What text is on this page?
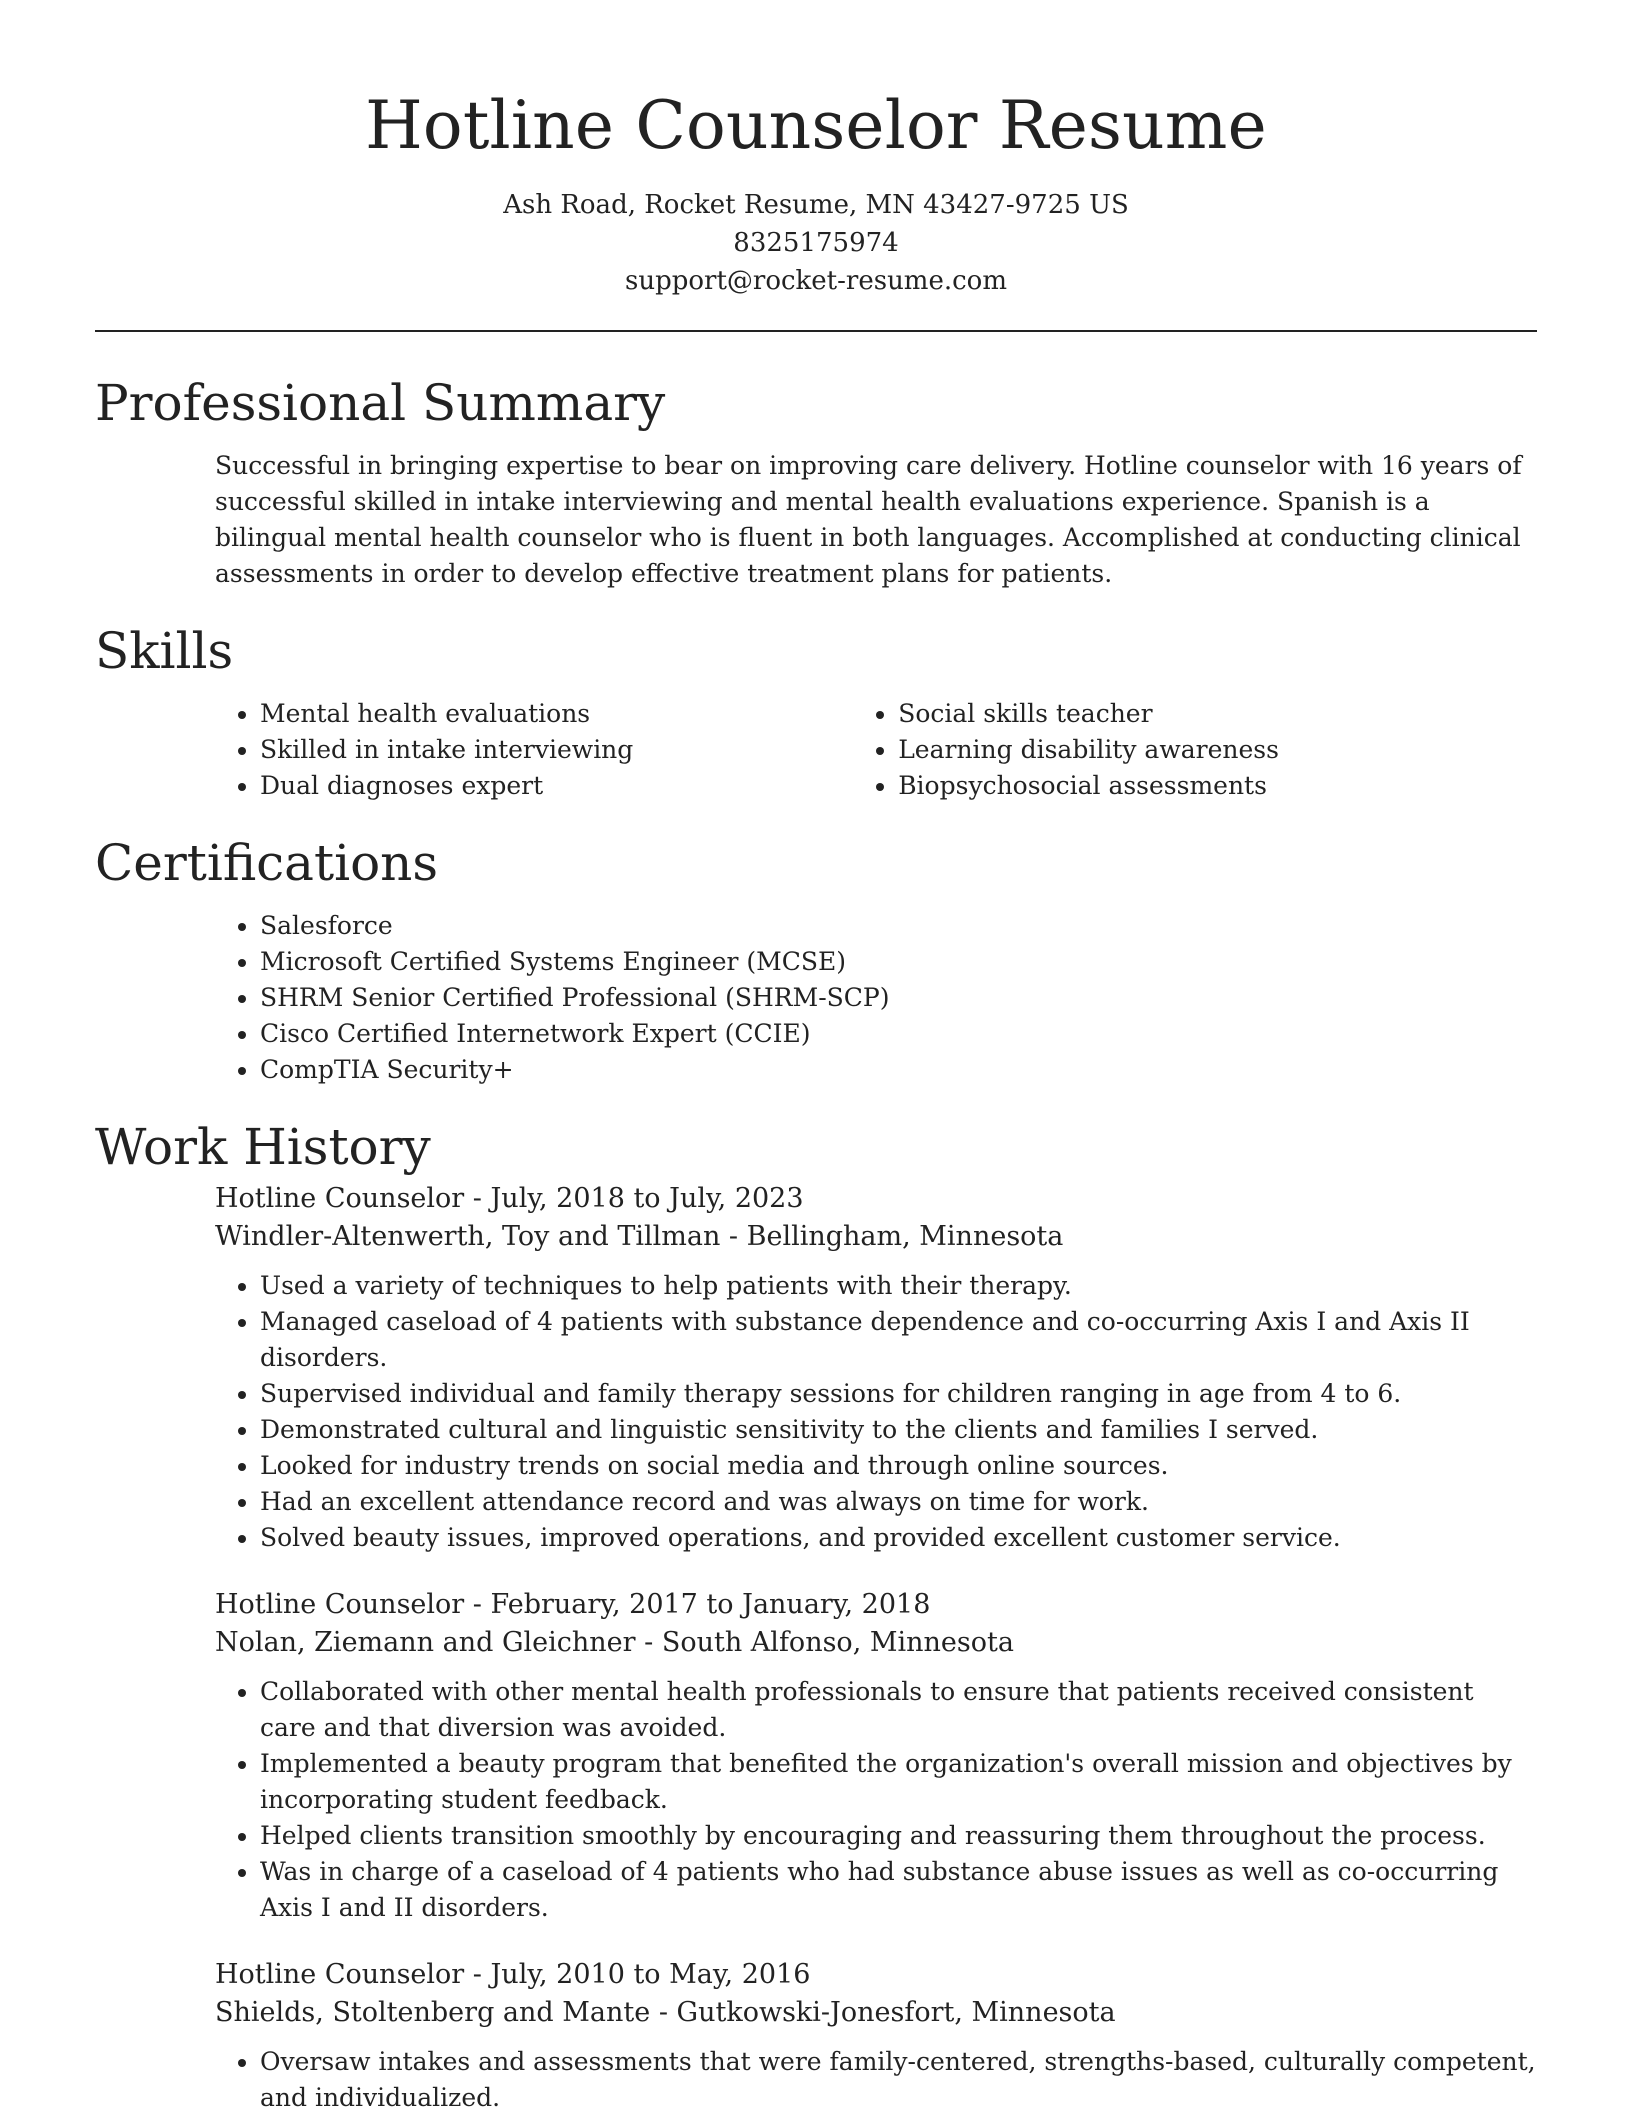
Hotline Counselor Resume
Ash Road, Rocket Resume, MN 43427-9725 US
8325175974
support@rocket-resume.com
Professional Summary

Successful in bringing expertise to bear on improving care delivery. Hotline counselor with 16 years of successful skilled in intake interviewing and mental health evaluations experience. Spanish is a bilingual mental health counselor who is fluent in both languages. Accomplished at conducting clinical assessments in order to develop effective treatment plans for patients.

Skills
• Mental health evaluations
• Skilled in intake interviewing
• Dual diagnoses expert
• Social skills teacher
• Learning disability awareness
• Biopsychosocial assessments
Certifications
• Salesforce
• Microsoft Certified Systems Engineer (MCSE)
• SHRM Senior Certified Professional (SHRM-SCP)
• Cisco Certified Internetwork Expert (CCIE)
• CompTIA Security+
Work History
Hotline Counselor - July, 2018 to July, 2023
Windler-Altenwerth, Toy and Tillman - Bellingham, Minnesota
• Used a variety of techniques to help patients with their therapy.
• Managed caseload of 4 patients with substance dependence and co-occurring Axis I and Axis II disorders.
• Supervised individual and family therapy sessions for children ranging in age from 4 to 6.
• Demonstrated cultural and linguistic sensitivity to the clients and families I served.
• Looked for industry trends on social media and through online sources.
• Had an excellent attendance record and was always on time for work.
• Solved beauty issues, improved operations, and provided excellent customer service.
Hotline Counselor - February, 2017 to January, 2018
Nolan, Ziemann and Gleichner - South Alfonso, Minnesota
• Collaborated with other mental health professionals to ensure that patients received consistent care and that diversion was avoided.
• Implemented a beauty program that benefited the organization's overall mission and objectives by incorporating student feedback.
• Helped clients transition smoothly by encouraging and reassuring them throughout the process.
• Was in charge of a caseload of 4 patients who had substance abuse issues as well as co-occurring Axis I and II disorders.
Hotline Counselor - July, 2010 to May, 2016
Shields, Stoltenberg and Mante - Gutkowski-Jonesfort, Minnesota
• Oversaw intakes and assessments that were family-centered, strengths-based, culturally competent, and individualized.
